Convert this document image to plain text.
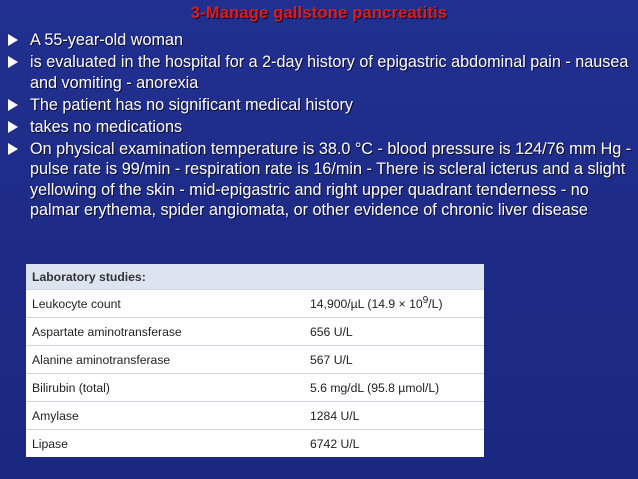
3-Manage gallstone pancreatitis
A 55-year-old woman
is evaluated in the hospital for a 2-day history of epigastric abdominal pain - nausea and vomiting - anorexia
The patient has no significant medical history
takes no medications
On physical examination temperature is 38.0 °C - blood pressure is 124/76 mm Hg - pulse rate is 99/min - respiration rate is 16/min - There is scleral icterus and a slight yellowing of the skin - mid-epigastric and right upper quadrant tenderness - no palmar erythema, spider angiomata, or other evidence of chronic liver disease
Laboratory studies:	
Leukocyte count	14,900/µL $(14.9 \times 10^9/L)$
Aspartate aminotransferase	656 U/L
Alanine aminotransferase	567 U/L
Bilirubin (total)	5.6 mg/dL (95.8 µmol/L)
Amylase	1284 U/L
Lipase	6742 U/L
